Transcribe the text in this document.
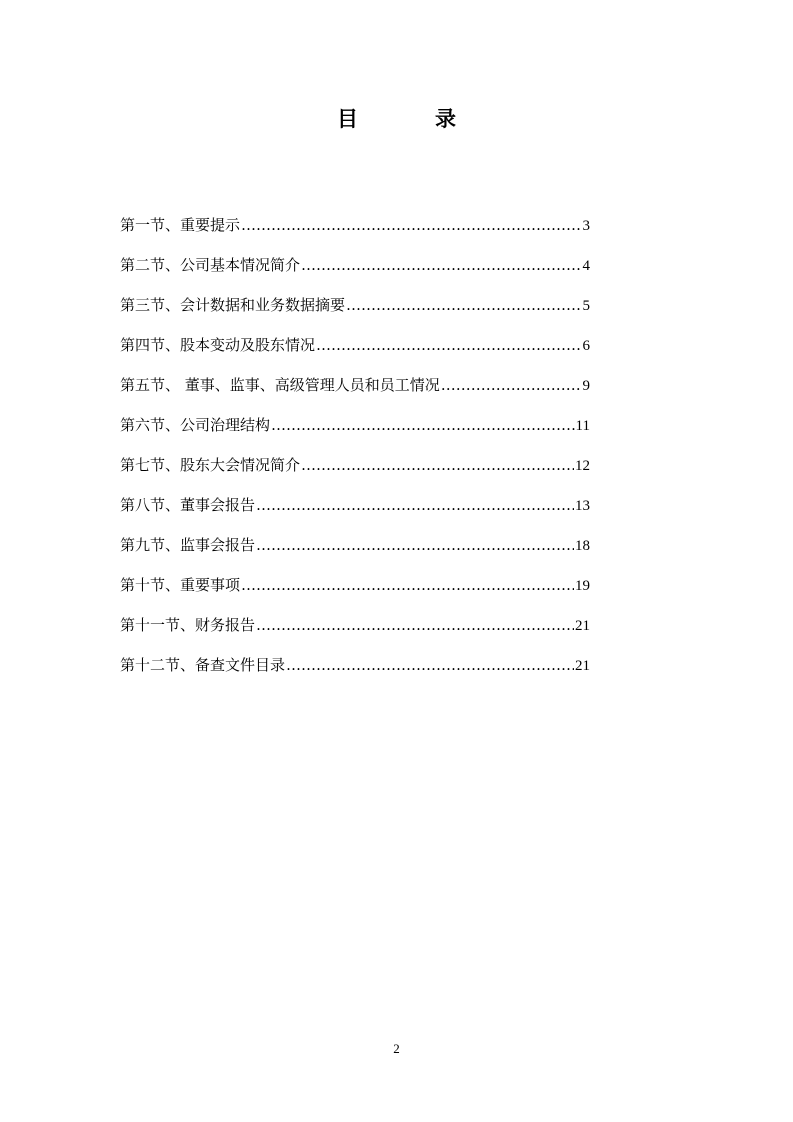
目　录
第一节、重要提示 …………………………………………………………………………………………………………………………………………………………	3
第二节、公司基本情况简介 …………………………………………………………………………………………………………………………………………………………	4
第三节、会计数据和业务数据摘要 …………………………………………………………………………………………………………………………………………………………	5
第四节、股本变动及股东情况 …………………………………………………………………………………………………………………………………………………………	6
第五节、 董事、监事、高级管理人员和员工情况 …………………………………………………………………………………………………………………………………………………………	9
第六节、公司治理结构 …………………………………………………………………………………………………………………………………………………………	11
第七节、股东大会情况简介 …………………………………………………………………………………………………………………………………………………………	12
第八节、董事会报告 …………………………………………………………………………………………………………………………………………………………	13
第九节、监事会报告 …………………………………………………………………………………………………………………………………………………………	18
第十节、重要事项 …………………………………………………………………………………………………………………………………………………………	19
第十一节、财务报告 …………………………………………………………………………………………………………………………………………………………	21
第十二节、备查文件目录 …………………………………………………………………………………………………………………………………………………………	21
2
